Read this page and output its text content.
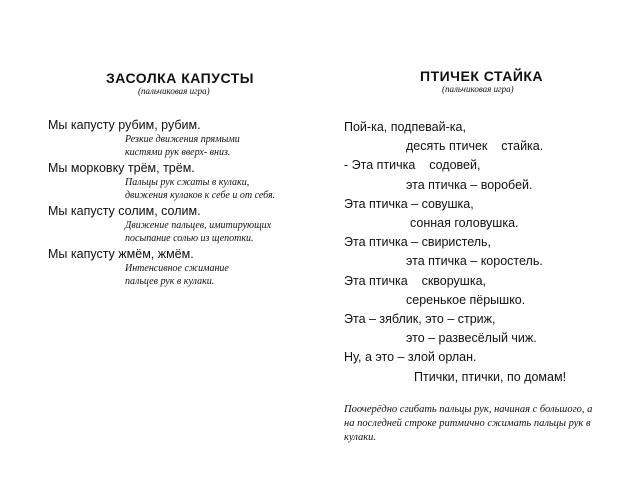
ЗАСОЛКА КАПУСТЫ

(пальчиковая игра)

Мы капусту рубим, рубим.

Резкие движения прямыми

кистями рук вверх- вниз.

Мы морковку трём, трём.

Пальцы рук сжаты в кулаки,

движения кулаков к себе и от себя.

Мы капусту солим, солим.

Движение пальцев, имитирующих

посыпание солью из щепотки.

Мы капусту жмём, жмём.

Интенсивное сжимание

пальцев рук в кулаки.

ПТИЧЕК СТАЙКА

(пальчиковая игра)

Пой-ка, подпевай-ка,

десять птичек    стайка.

- Эта птичка    содовей,

эта птичка – воробей.

Эта птичка – совушка,

сонная головушка.

Эта птичка – свиристель,

эта птичка – коростель.

Эта птичка    скворушка,

серенькое пёрышко.

Эта – зяблик, это – стриж,

это – развесёлый чиж.

Ну, а это – злой орлан.

Птички, птички, по домам!

Поочерёдно сгибать пальцы рук, начиная с большого, а на последней строке ритмично сжимать пальцы рук в кулаки.
